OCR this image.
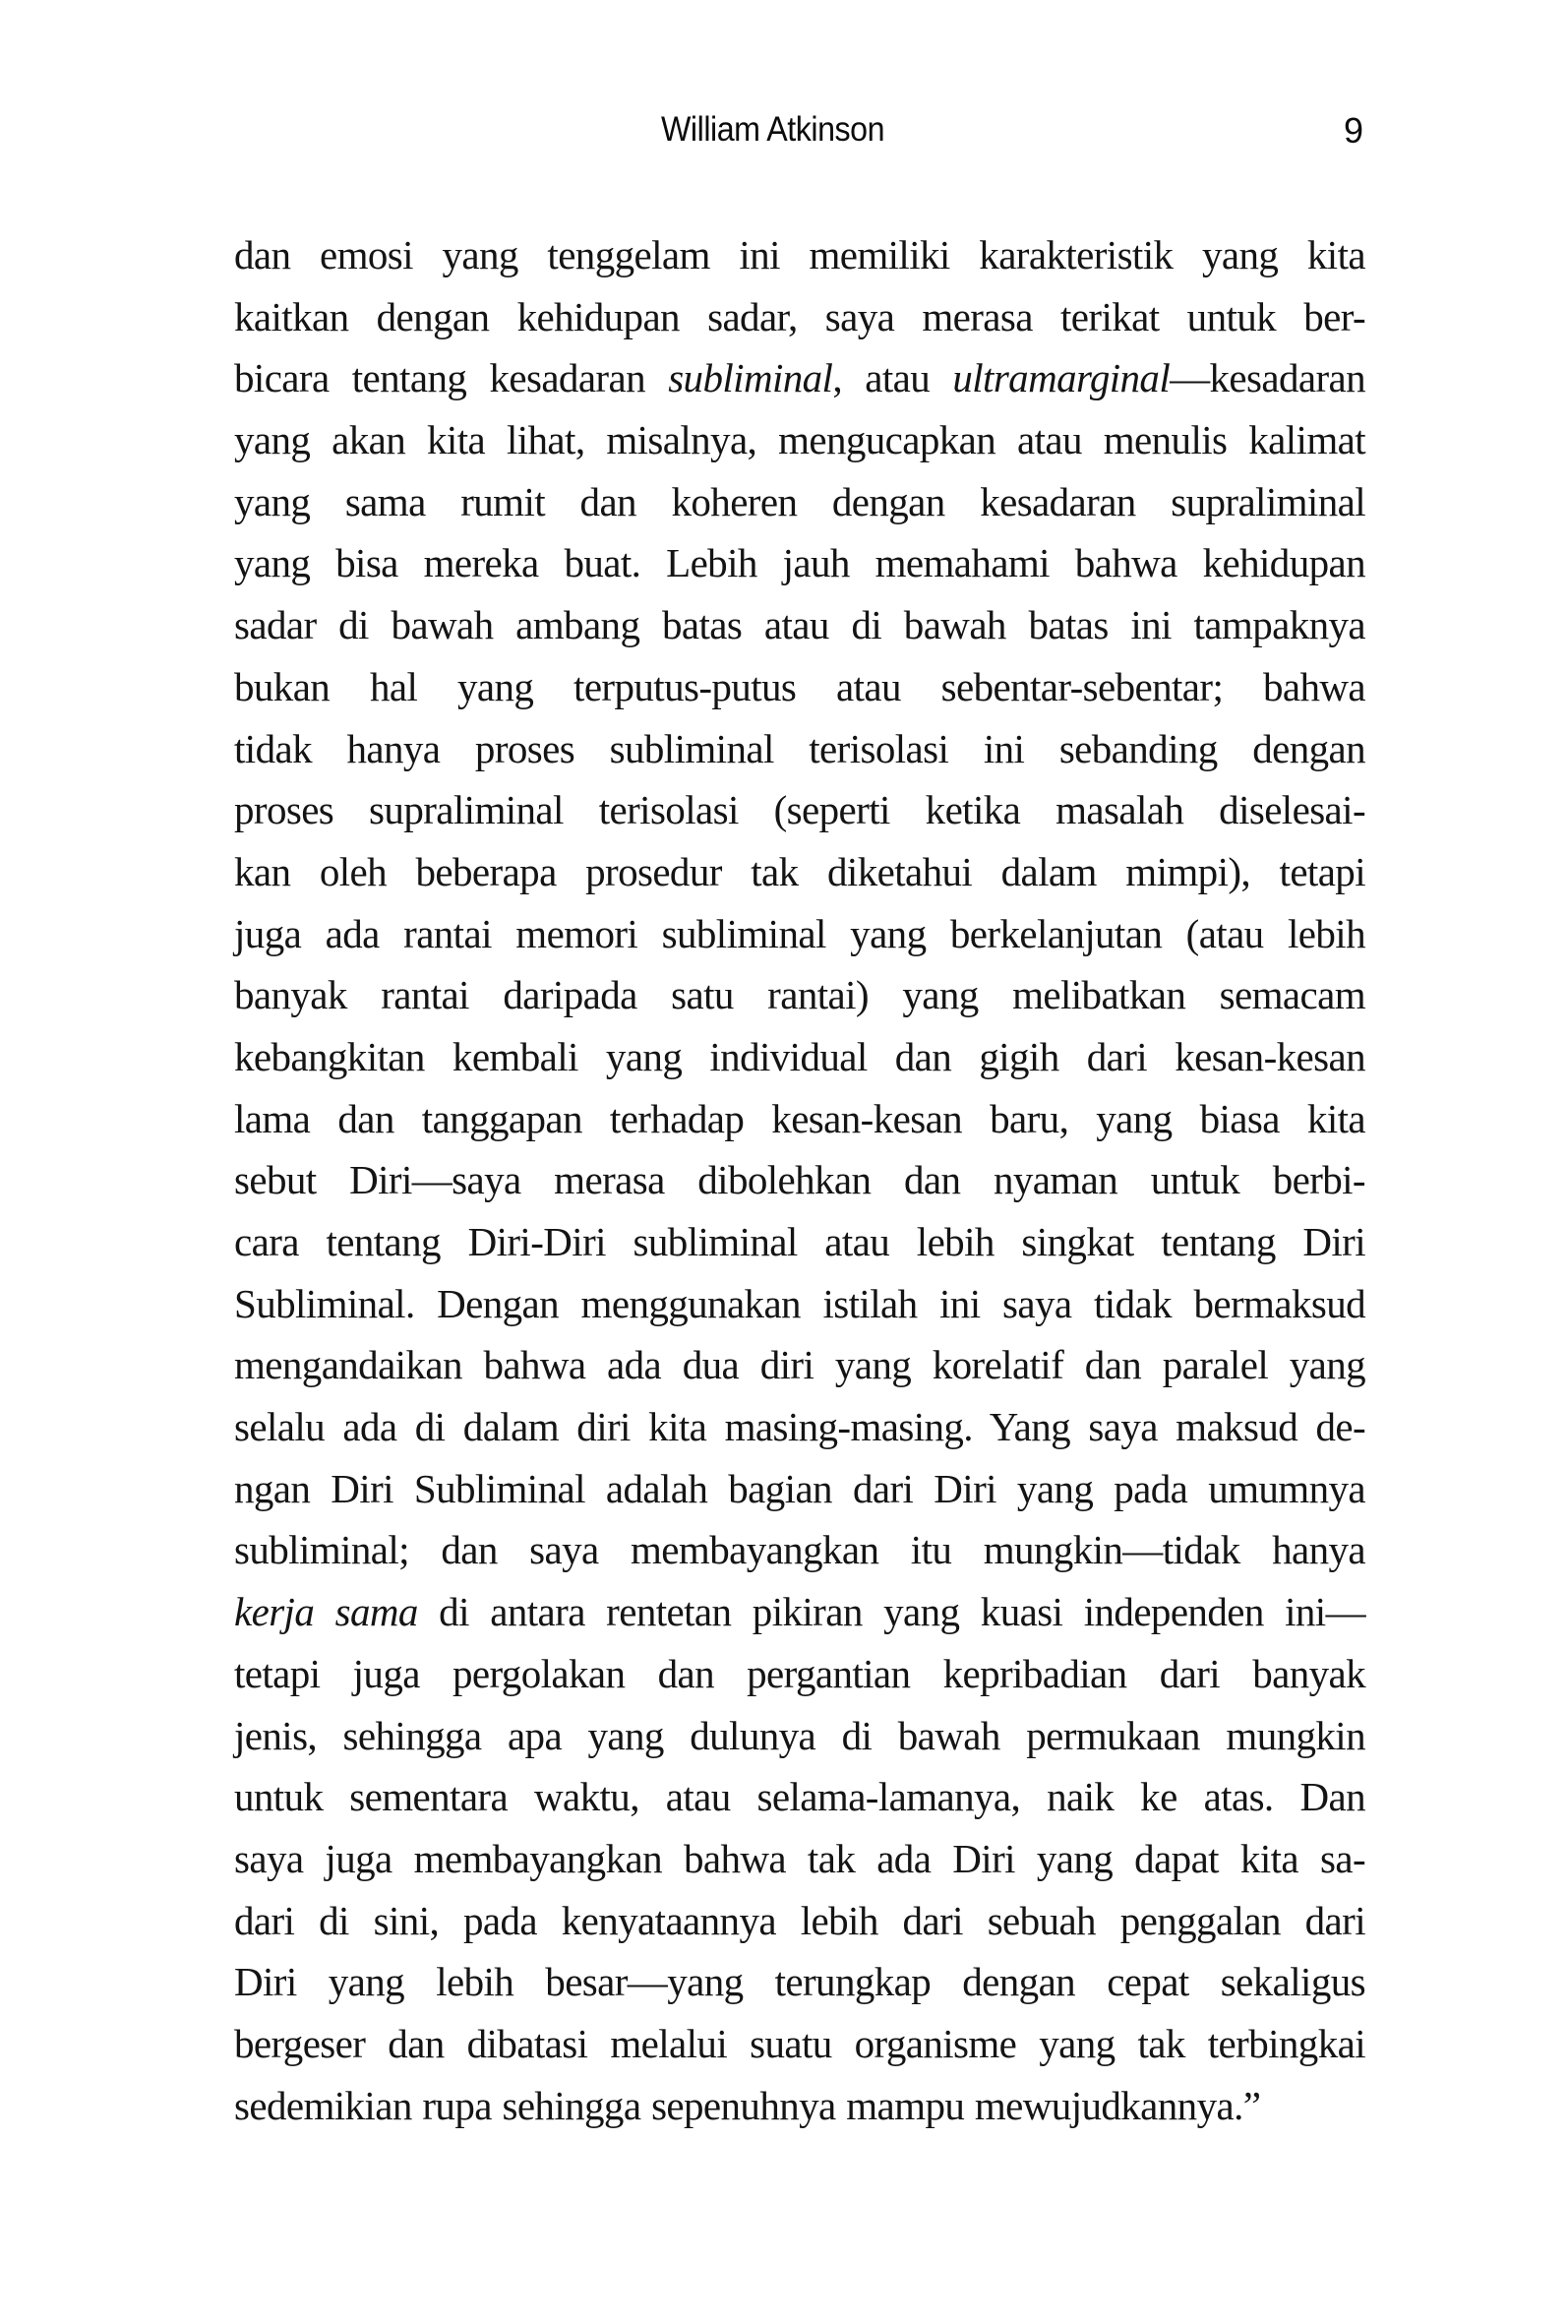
William Atkinson	9
dan emosi yang tenggelam ini memiliki karakteristik yang kita
kaitkan dengan kehidupan sadar, saya merasa terikat untuk ber-
bicara tentang kesadaran subliminal, atau ultramarginal—kesadaran
yang akan kita lihat, misalnya, mengucapkan atau menulis kalimat
yang sama rumit dan koheren dengan kesadaran supraliminal
yang bisa mereka buat. Lebih jauh memahami bahwa kehidupan
sadar di bawah ambang batas atau di bawah batas ini tampaknya
bukan hal yang terputus-putus atau sebentar-sebentar; bahwa
tidak hanya proses subliminal terisolasi ini sebanding dengan
proses supraliminal terisolasi (seperti ketika masalah diselesai-
kan oleh beberapa prosedur tak diketahui dalam mimpi), tetapi
juga ada rantai memori subliminal yang berkelanjutan (atau lebih
banyak rantai daripada satu rantai) yang melibatkan semacam
kebangkitan kembali yang individual dan gigih dari kesan-kesan
lama dan tanggapan terhadap kesan-kesan baru, yang biasa kita
sebut Diri—saya merasa dibolehkan dan nyaman untuk berbi-
cara tentang Diri-Diri subliminal atau lebih singkat tentang Diri
Subliminal. Dengan menggunakan istilah ini saya tidak bermaksud
mengandaikan bahwa ada dua diri yang korelatif dan paralel yang
selalu ada di dalam diri kita masing-masing. Yang saya maksud de-
ngan Diri Subliminal adalah bagian dari Diri yang pada umumnya
subliminal; dan saya membayangkan itu mungkin—tidak hanya
kerja sama di antara rentetan pikiran yang kuasi independen ini—
tetapi juga pergolakan dan pergantian kepribadian dari banyak
jenis, sehingga apa yang dulunya di bawah permukaan mungkin
untuk sementara waktu, atau selama-lamanya, naik ke atas. Dan
saya juga membayangkan bahwa tak ada Diri yang dapat kita sa-
dari di sini, pada kenyataannya lebih dari sebuah penggalan dari
Diri yang lebih besar—yang terungkap dengan cepat sekaligus
bergeser dan dibatasi melalui suatu organisme yang tak terbingkai
sedemikian rupa sehingga sepenuhnya mampu mewujudkannya.”
